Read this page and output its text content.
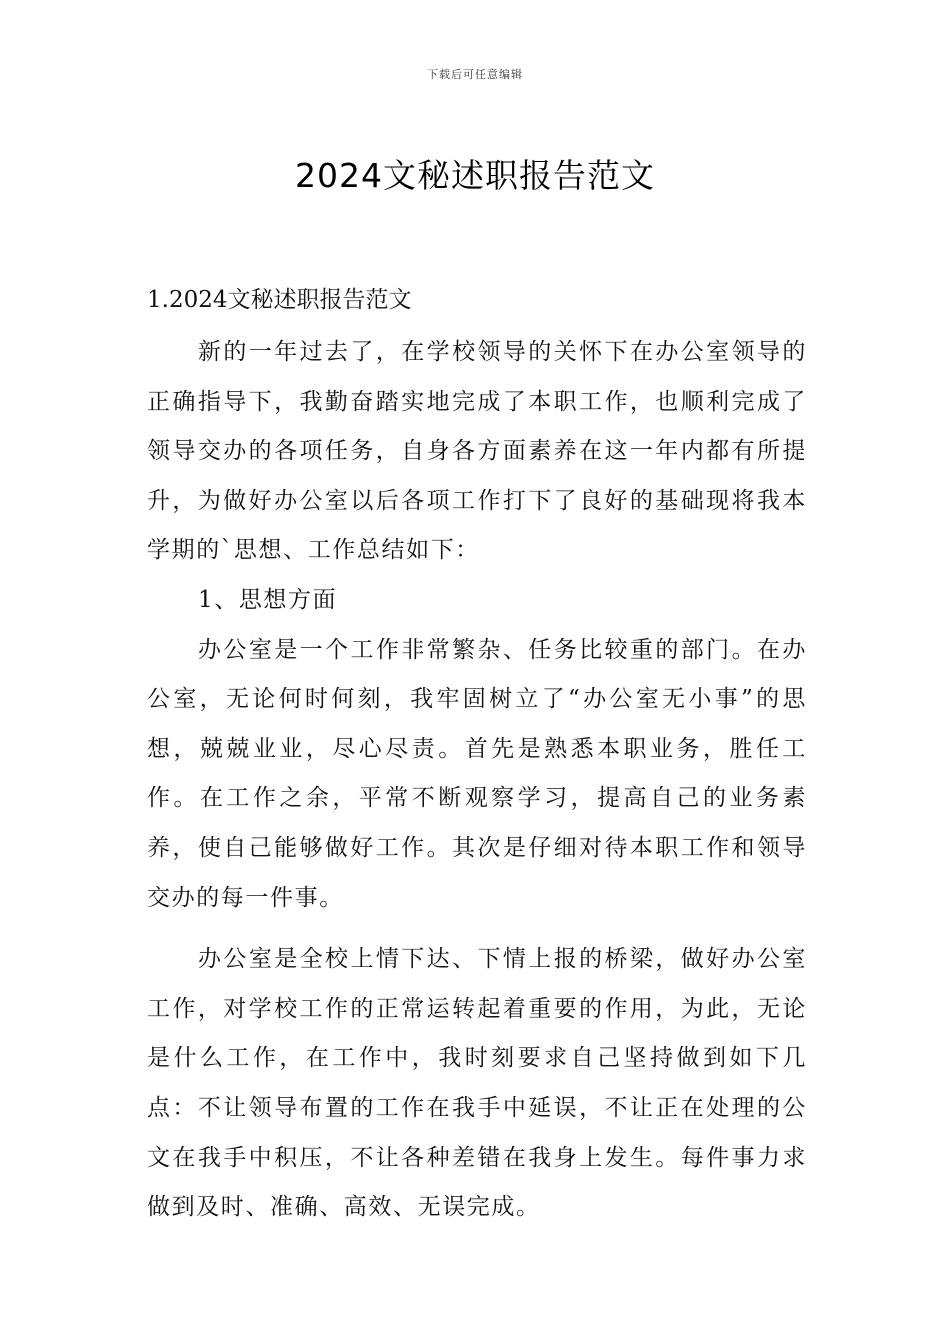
下载后可任意编辑
2024文秘述职报告范文

1.2024文秘述职报告范文

新的一年过去了，在学校领导的关怀下在办公室领导的正确指导下，我勤奋踏实地完成了本职工作，也顺利完成了领导交办的各项任务，自身各方面素养在这一年内都有所提升，为做好办公室以后各项工作打下了良好的基础现将我本学期的`思想、工作总结如下：

1、思想方面

办公室是一个工作非常繁杂、任务比较重的部门。在办公室，无论何时何刻，我牢固树立了“办公室无小事”的思想，兢兢业业，尽心尽责。首先是熟悉本职业务，胜任工作。在工作之余，平常不断观察学习，提高自己的业务素养，使自己能够做好工作。其次是仔细对待本职工作和领导交办的每一件事。

办公室是全校上情下达、下情上报的桥梁，做好办公室工作，对学校工作的正常运转起着重要的作用，为此，无论是什么工作，在工作中，我时刻要求自己坚持做到如下几点：不让领导布置的工作在我手中延误，不让正在处理的公文在我手中积压，不让各种差错在我身上发生。每件事力求做到及时、准确、高效、无误完成。
